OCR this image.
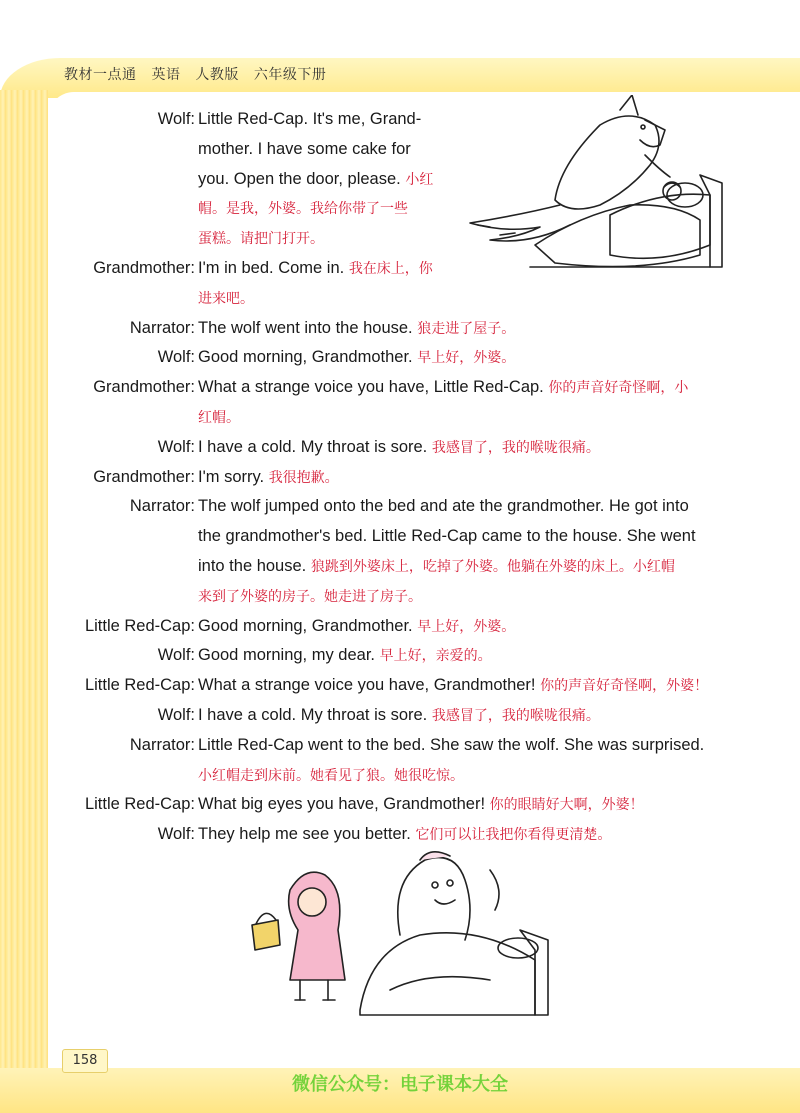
教材一点通 英语 人教版 六年级下册
Wolf: Little Red-Cap. It's me, Grand-
mother. I have some cake for
you. Open the door, please. 小红
帽。是我，外婆。我给你带了一些
蛋糕。请把门打开。
Grandmother: I'm in bed. Come in. 我在床上，你
进来吧。
Narrator: The wolf went into the house. 狼走进了屋子。
Wolf: Good morning, Grandmother. 早上好，外婆。
Grandmother: What a strange voice you have, Little Red-Cap. 你的声音好奇怪啊，小
红帽。
Wolf: I have a cold. My throat is sore. 我感冒了，我的喉咙很痛。
Grandmother: I'm sorry. 我很抱歉。
Narrator: The wolf jumped onto the bed and ate the grandmother. He got into
the grandmother's bed. Little Red-Cap came to the house. She went
into the house. 狼跳到外婆床上，吃掉了外婆。他躺在外婆的床上。小红帽
来到了外婆的房子。她走进了房子。
Little Red-Cap: Good morning, Grandmother. 早上好，外婆。
Wolf: Good morning, my dear. 早上好，亲爱的。
Little Red-Cap: What a strange voice you have, Grandmother! 你的声音好奇怪啊，外婆！
Wolf: I have a cold. My throat is sore. 我感冒了，我的喉咙很痛。
Narrator: Little Red-Cap went to the bed. She saw the wolf. She was surprised.
小红帽走到床前。她看见了狼。她很吃惊。
Little Red-Cap: What big eyes you have, Grandmother! 你的眼睛好大啊，外婆！
Wolf: They help me see you better. 它们可以让我把你看得更清楚。
158
微信公众号：电子课本大全
